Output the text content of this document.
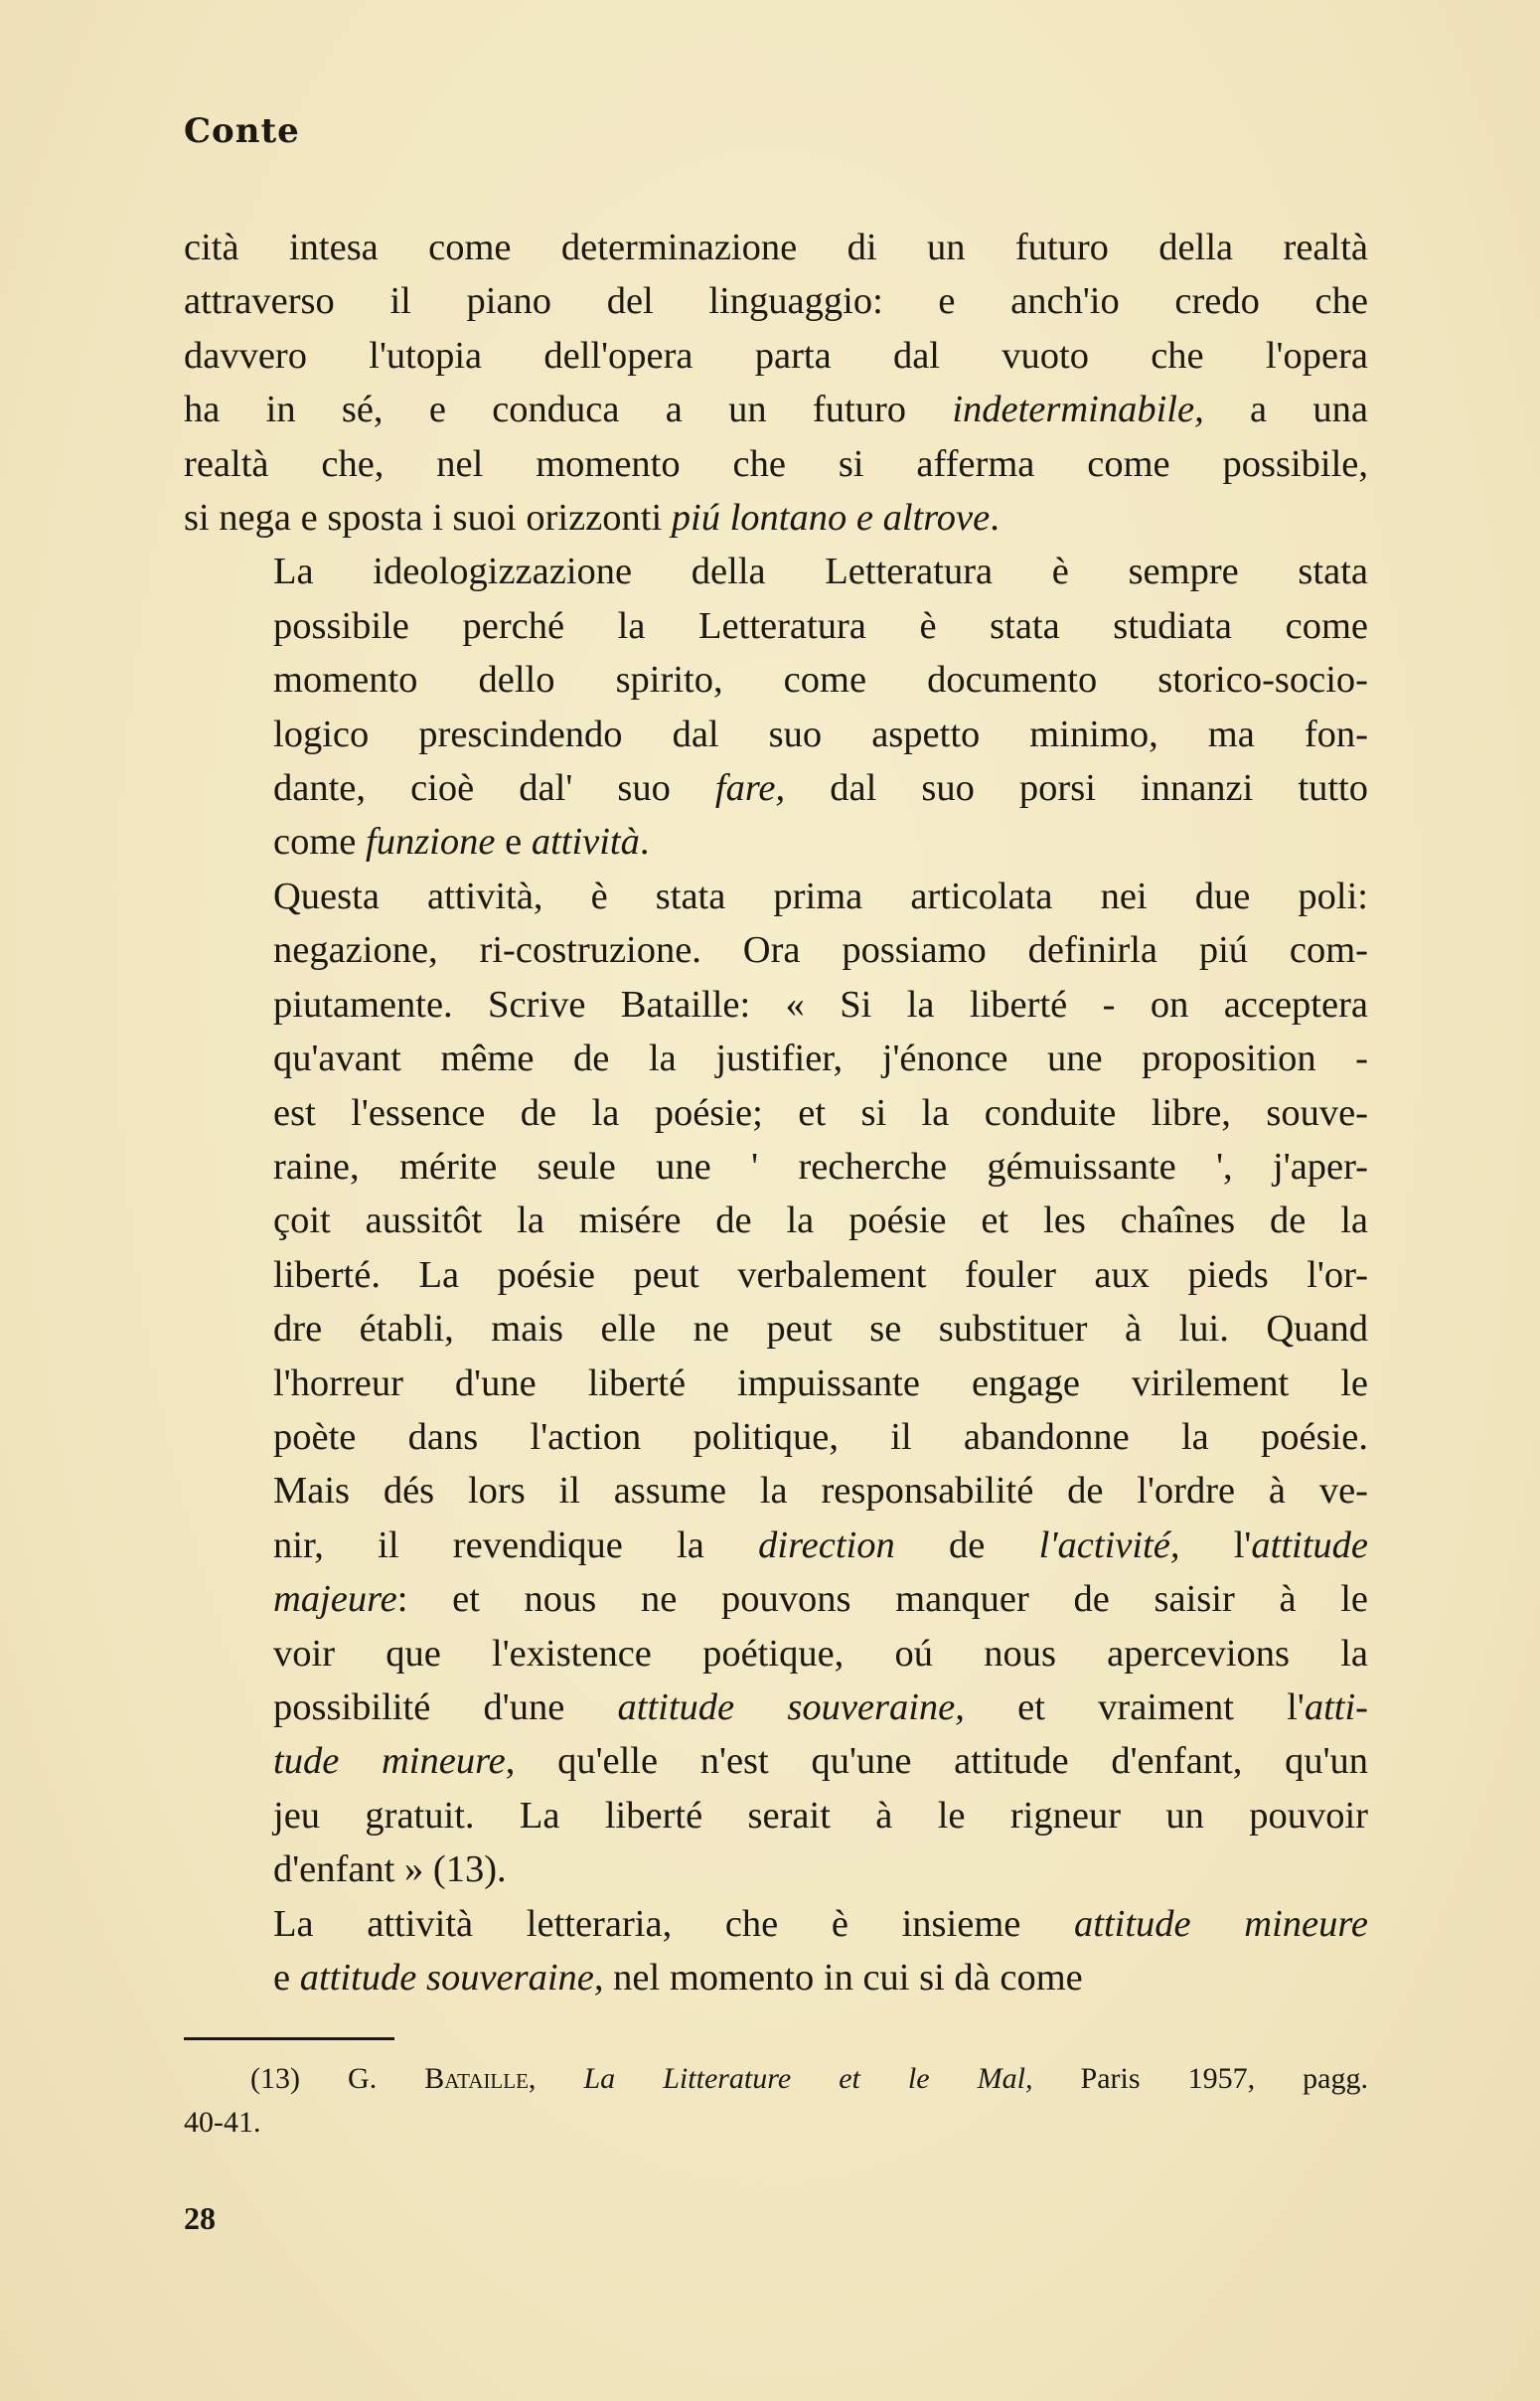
Conte

cità intesa come determinazione di un futuro della realtà
attraverso il piano del linguaggio: e anch'io credo che
davvero l'utopia dell'opera parta dal vuoto che l'opera
ha in sé, e conduca a un futuro indeterminabile, a una
realtà che, nel momento che si afferma come possibile,
si nega e sposta i suoi orizzonti piú lontano e altrove.

La ideologizzazione della Letteratura è sempre stata
possibile perché la Letteratura è stata studiata come
momento dello spirito, come documento storico-socio-
logico prescindendo dal suo aspetto minimo, ma fon-
dante, cioè dal' suo fare, dal suo porsi innanzi tutto
come funzione e attività.

Questa attività, è stata prima articolata nei due poli:
negazione, ri-costruzione. Ora possiamo definirla piú com-
piutamente. Scrive Bataille: « Si la liberté - on acceptera
qu'avant même de la justifier, j'énonce une proposition -
est l'essence de la poésie; et si la conduite libre, souve-
raine, mérite seule une ' recherche gémuissante ', j'aper-
çoit aussitôt la misére de la poésie et les chaînes de la
liberté. La poésie peut verbalement fouler aux pieds l'or-
dre établi, mais elle ne peut se substituer à lui. Quand
l'horreur d'une liberté impuissante engage virilement le
poète dans l'action politique, il abandonne la poésie.
Mais dés lors il assume la responsabilité de l'ordre à ve-
nir, il revendique la direction de l'activité, l'attitude
majeure: et nous ne pouvons manquer de saisir à le
voir que l'existence poétique, oú nous apercevions la
possibilité d'une attitude souveraine, et vraiment l'atti-
tude mineure, qu'elle n'est qu'une attitude d'enfant, qu'un
jeu gratuit. La liberté serait à le rigneur un pouvoir
d'enfant » (13).

La attività letteraria, che è insieme attitude mineure
e attitude souveraine, nel momento in cui si dà come

(13) G. Bataille, La Litterature et le Mal, Paris 1957, pagg.
40-41.
28
